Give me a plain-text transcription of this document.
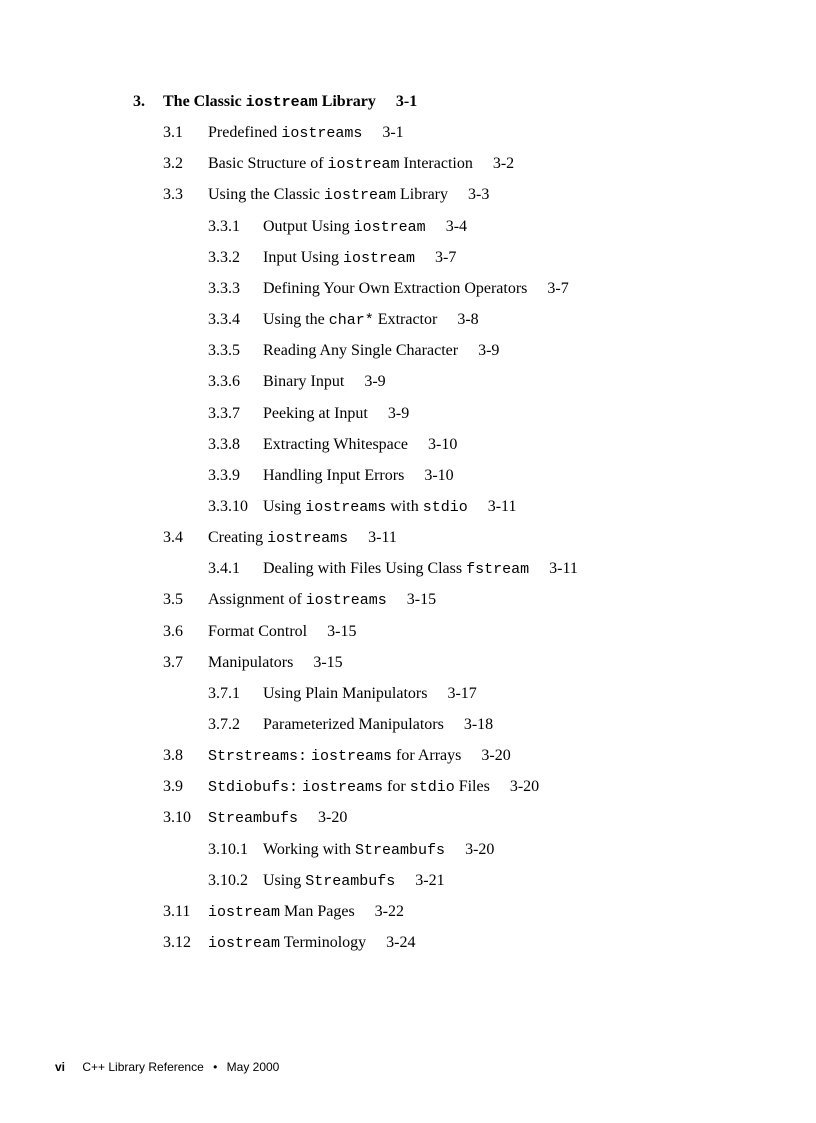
3. The Classic iostream Library 3-1
3.1 Predefined iostreams 3-1
3.2 Basic Structure of iostream Interaction 3-2
3.3 Using the Classic iostream Library 3-3
3.3.1 Output Using iostream 3-4
3.3.2 Input Using iostream 3-7
3.3.3 Defining Your Own Extraction Operators 3-7
3.3.4 Using the char* Extractor 3-8
3.3.5 Reading Any Single Character 3-9
3.3.6 Binary Input 3-9
3.3.7 Peeking at Input 3-9
3.3.8 Extracting Whitespace 3-10
3.3.9 Handling Input Errors 3-10
3.3.10 Using iostreams with stdio 3-11
3.4 Creating iostreams 3-11
3.4.1 Dealing with Files Using Class fstream 3-11
3.5 Assignment of iostreams 3-15
3.6 Format Control 3-15
3.7 Manipulators 3-15
3.7.1 Using Plain Manipulators 3-17
3.7.2 Parameterized Manipulators 3-18
3.8 Strstreams: iostreams for Arrays 3-20
3.9 Stdiobufs: iostreams for stdio Files 3-20
3.10 Streambufs 3-20
3.10.1 Working with Streambufs 3-20
3.10.2 Using Streambufs 3-21
3.11 iostream Man Pages 3-22
3.12 iostream Terminology 3-24
vi C++ Library Reference • May 2000
